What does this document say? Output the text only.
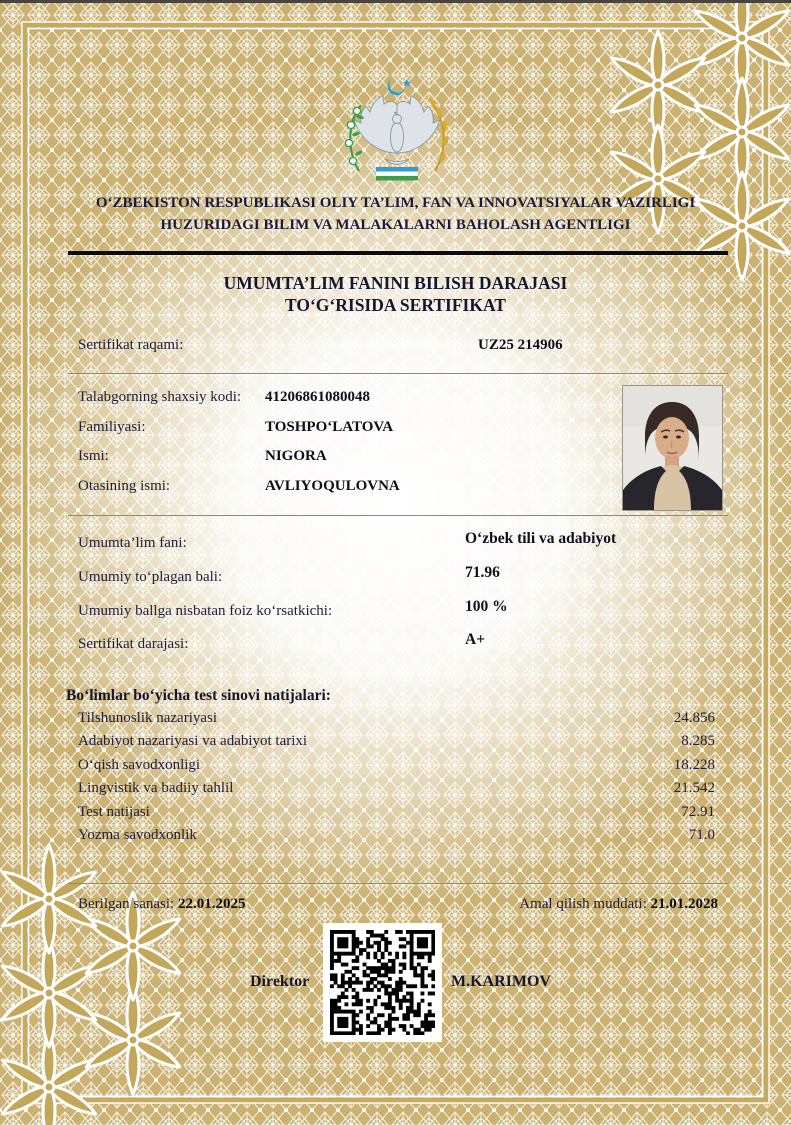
O‘ZBEKISTON RESPUBLIKASI OLIY TA’LIM, FAN VA INNOVATSIYALAR VAZIRLIGI
HUZURIDAGI BILIM VA MALAKALARNI BAHOLASH AGENTLIGI
UMUMTA’LIM FANINI BILISH DARAJASI
TO‘G‘RISIDA SERTIFIKAT
Sertifikat raqami:	UZ25 214906
Talabgorning shaxsiy kodi: 41206861080048
Familiyasi:	TOSHPO‘LATOVA
Ismi:	NIGORA
Otasining ismi:	AVLIYOQULOVNA
Umumta’lim fani:	O‘zbek tili va adabiyot
Umumiy to‘plagan bali:	71.96
Umumiy ballga nisbatan foiz ko‘rsatkichi:	100 %
Sertifikat darajasi:	A+
Bo‘limlar bo‘yicha test sinovi natijalari:
Tilshunoslik nazariyasi	24.856
Adabiyot nazariyasi va adabiyot tarixi	8.285
O‘qish savodxonligi	18.228
Lingvistik va badiiy tahlil	21.542
Test natijasi	72.91
Yozma savodxonlik	71.0
Berilgan sanasi: 22.01.2025	Amal qilish muddati: 21.01.2028
Direktor	M.KARIMOV
